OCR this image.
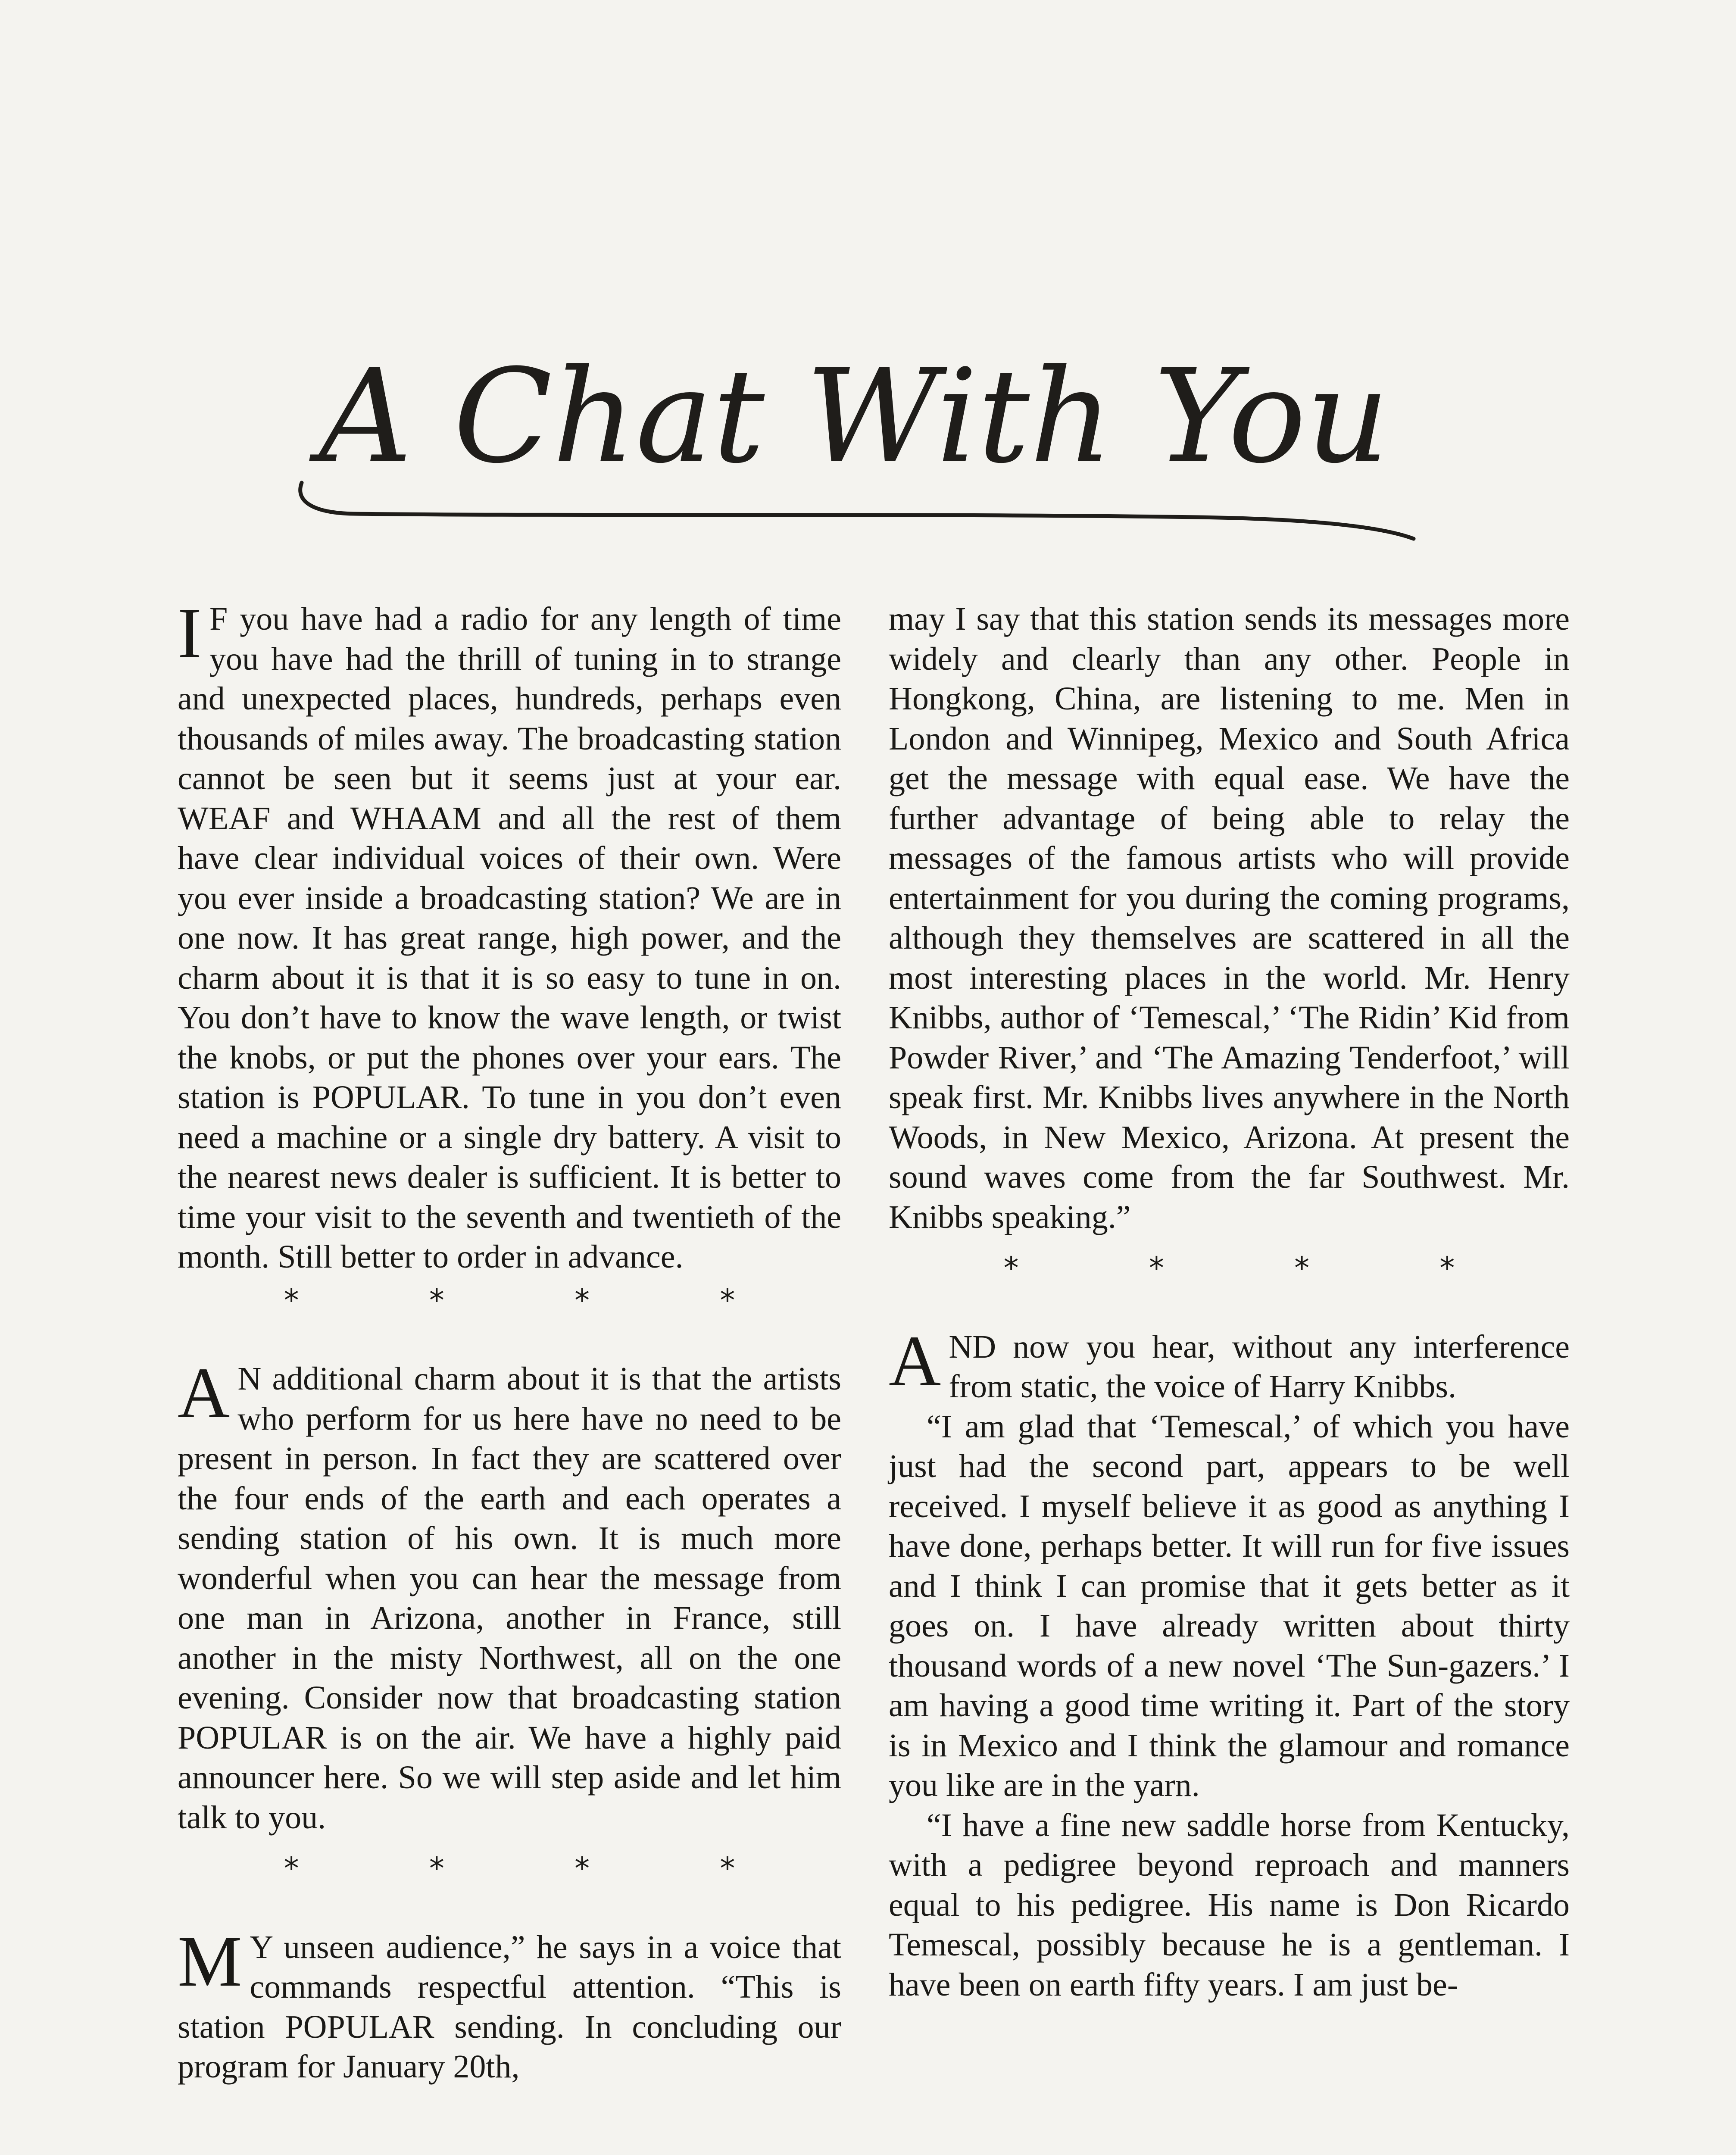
A Chat With You

I F you have had a radio for any length of time you have had the thrill of tuning in to strange and unexpected places, hundreds, perhaps even thousands of miles away. The broadcasting station cannot be seen but it seems just at your ear. WEAF and WHAAM and all the rest of them have clear individual voices of their own. Were you ever inside a broadcasting station? We are in one now. It has great range, high power, and the charm about it is that it is so easy to tune in on. You don’t have to know the wave length, or twist the knobs, or put the phones over your ears. The station is POPULAR. To tune in you don’t even need a machine or a single dry battery. A visit to the nearest news dealer is sufficient. It is better to time your visit to the seventh and twentieth of the month. Still better to order in advance.

* * * *

A N additional charm about it is that the artists who perform for us here have no need to be present in person. In fact they are scattered over the four ends of the earth and each operates a sending station of his own. It is much more wonderful when you can hear the message from one man in Arizona, another in France, still another in the misty Northwest, all on the one evening. Consider now that broadcasting station POPULAR is on the air. We have a highly paid announcer here. So we will step aside and let him talk to you.

* * * *

M Y unseen audience,” he says in a voice that commands respectful attention. “This is station POPULAR sending. In concluding our program for January 20th,

may I say that this station sends its messages more widely and clearly than any other. People in Hongkong, China, are listening to me. Men in London and Winnipeg, Mexico and South Africa get the message with equal ease. We have the further advantage of being able to relay the messages of the famous artists who will provide entertainment for you during the coming programs, although they themselves are scattered in all the most interesting places in the world. Mr. Henry Knibbs, author of ‘Temescal,’ ‘The Ridin’ Kid from Powder River,’ and ‘The Amazing Tenderfoot,’ will speak first. Mr. Knibbs lives anywhere in the North Woods, in New Mexico, Arizona. At present the sound waves come from the far Southwest. Mr. Knibbs speaking.”

* * * *

AND now you hear, without any interference from static, the voice of Harry Knibbs.

“I am glad that ‘Temescal,’ of which you have just had the second part, appears to be well received. I myself believe it as good as anything I have done, perhaps better. It will run for five issues and I think I can promise that it gets better as it goes on. I have already written about thirty thousand words of a new novel ‘The Sun-gazers.’ I am having a good time writing it. Part of the story is in Mexico and I think the glamour and romance you like are in the yarn.

“I have a fine new saddle horse from Kentucky, with a pedigree beyond reproach and manners equal to his pedigree. His name is Don Ricardo Temescal, possibly because he is a gentleman. I have been on earth fifty years. I am just be-
